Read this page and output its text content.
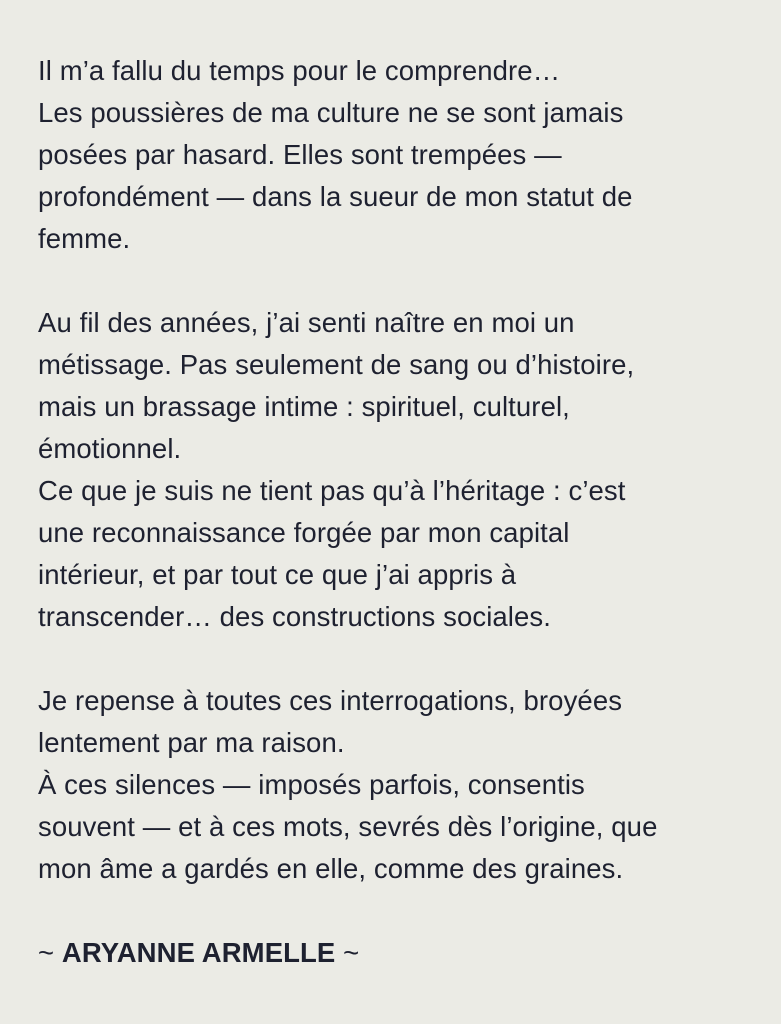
Il m’a fallu du temps pour le comprendre…
Les poussières de ma culture ne se sont jamais
posées par hasard. Elles sont trempées —
profondément — dans la sueur de mon statut de
femme.
Au fil des années, j’ai senti naître en moi un
métissage. Pas seulement de sang ou d’histoire,
mais un brassage intime : spirituel, culturel,
émotionnel.
Ce que je suis ne tient pas qu’à l’héritage : c’est
une reconnaissance forgée par mon capital
intérieur, et par tout ce que j’ai appris à
transcender… des constructions sociales.
Je repense à toutes ces interrogations, broyées
lentement par ma raison.
À ces silences — imposés parfois, consentis
souvent — et à ces mots, sevrés dès l’origine, que
mon âme a gardés en elle, comme des graines.
~ ARYANNE ARMELLE ~
